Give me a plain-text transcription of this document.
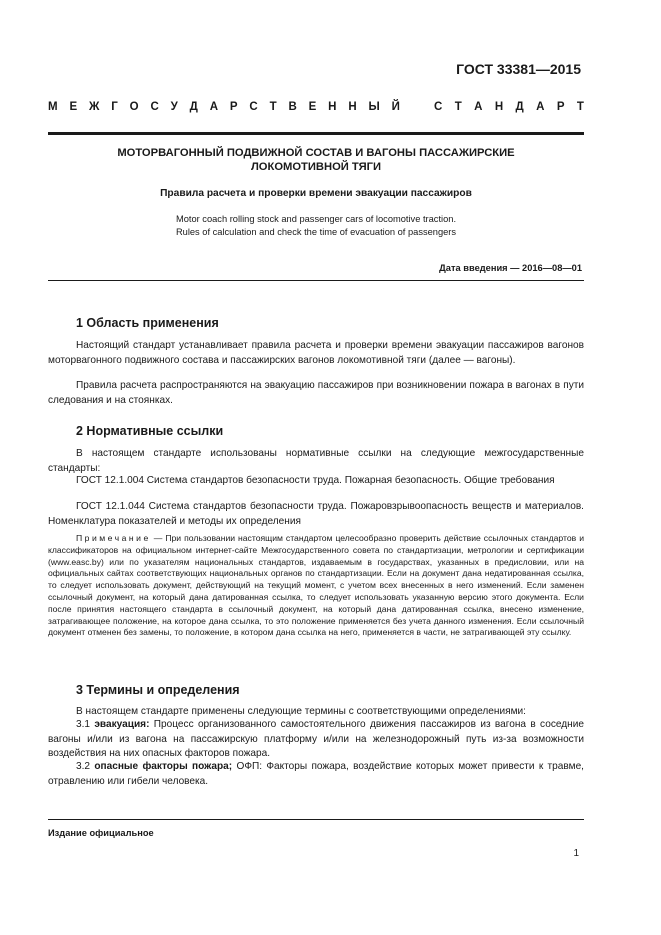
ГОСТ 33381—2015
М Е Ж Г О С У Д А Р С Т В Е Н Н Ы Й	С Т А Н Д А Р Т
МОТОРВАГОННЫЙ ПОДВИЖНОЙ СОСТАВ И ВАГОНЫ ПАССАЖИРСКИЕ
ЛОКОМОТИВНОЙ ТЯГИ
Правила расчета и проверки времени эвакуации пассажиров
Motor coach rolling stock and passenger cars of locomotive traction.
Rules of calculation and check the time of evacuation of passengers
Дата введения — 2016—08—01
1 Область применения

Настоящий стандарт устанавливает правила расчета и проверки времени эвакуации пассажиров вагонов моторвагонного подвижного состава и пассажирских вагонов локомотивной тяги (далее — вагоны).

Правила расчета распространяются на эвакуацию пассажиров при возникновении пожара в вагонах в пути следования и на стоянках.

2 Нормативные ссылки

В настоящем стандарте использованы нормативные ссылки на следующие межгосударственные стандарты:

ГОСТ 12.1.004 Система стандартов безопасности труда. Пожарная безопасность. Общие требования

ГОСТ 12.1.044 Система стандартов безопасности труда. Пожаровзрывоопасность веществ и материалов. Номенклатура показателей и методы их определения

Примечание — При пользовании настоящим стандартом целесообразно проверить действие ссылочных стандартов и классификаторов на официальном интернет-сайте Межгосударственного совета по стандартизации, метрологии и сертификации (www.easc.by) или по указателям национальных стандартов, издаваемым в государствах, указанных в предисловии, или на официальных сайтах соответствующих национальных органов по стандартизации. Если на документ дана недатированная ссылка, то следует использовать документ, действующий на текущий момент, с учетом всех внесенных в него изменений. Если заменен ссылочный документ, на который дана датированная ссылка, то следует использовать указанную версию этого документа. Если после принятия настоящего стандарта в ссылочный документ, на который дана датированная ссылка, внесено изменение, затрагивающее положение, на которое дана ссылка, то это положение применяется без учета данного изменения. Если ссылочный документ отменен без замены, то положение, в котором дана ссылка на него, применяется в части, не затрагивающей эту ссылку.

3 Термины и определения

В настоящем стандарте применены следующие термины с соответствующими определениями:

3.1 эвакуация: Процесс организованного самостоятельного движения пассажиров из вагона в соседние вагоны и/или из вагона на пассажирскую платформу и/или на железнодорожный путь из-за возможности воздействия на них опасных факторов пожара.

3.2 опасные факторы пожара; ОФП: Факторы пожара, воздействие которых может привести к травме, отравлению или гибели человека.

Издание официальное
1
